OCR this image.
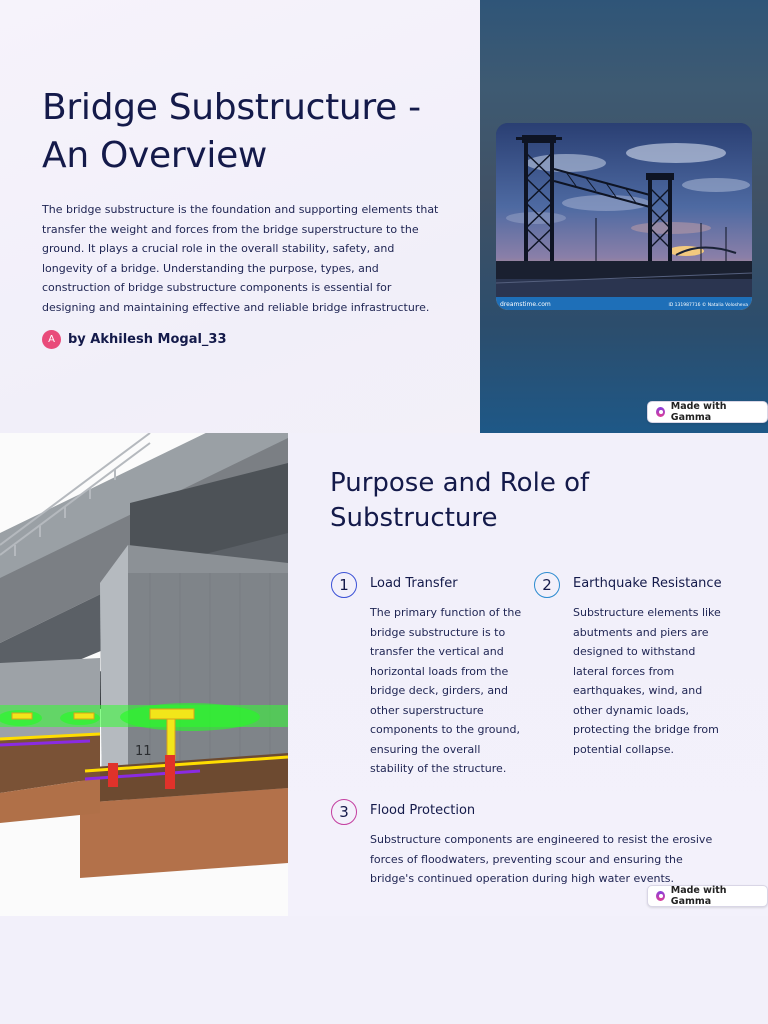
Bridge Substructure - An Overview

The bridge substructure is the foundation and supporting elements that transfer the weight and forces from the bridge superstructure to the ground. It plays a crucial role in the overall stability, safety, and longevity of a bridge. Understanding the purpose, types, and construction of bridge substructure components is essential for designing and maintaining effective and reliable bridge infrastructure.

A	by Akhilesh Mogal_33
dreamstime.com	ID 131987716 © Natalia Volosheva
Made with Gamma
11
Purpose and Role of Substructure
1	Load Transfer

The primary function of the bridge substructure is to transfer the vertical and horizontal loads from the bridge deck, girders, and other superstructure components to the ground, ensuring the overall stability of the structure.

2	Earthquake Resistance

Substructure elements like abutments and piers are designed to withstand lateral forces from earthquakes, wind, and other dynamic loads, protecting the bridge from potential collapse.

3	Flood Protection

Substructure components are engineered to resist the erosive forces of floodwaters, preventing scour and ensuring the bridge's continued operation during high water events.

Made with Gamma
